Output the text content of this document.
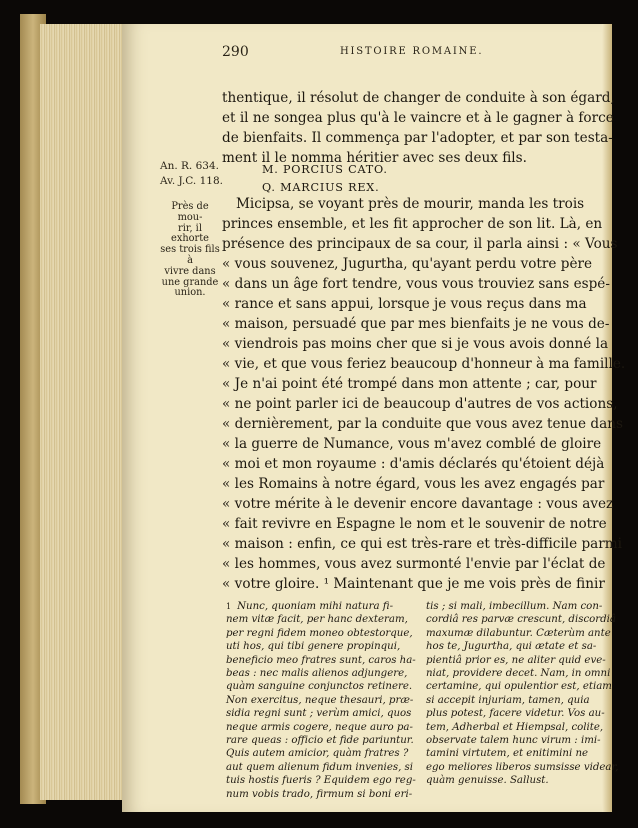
290	HISTOIRE ROMAINE.
thentique, il résolut de changer de conduite à son égard,
et il ne songea plus qu'à le vaincre et à le gagner à force
de bienfaits. Il commença par l'adopter, et par son testa-
ment il le nomma héritier avec ses deux fils.
An. R. 634.
Av. J.C. 118.
M. PORCIUS CATO.
Q. MARCIUS REX.
Près de mou-
rir, il exhorte
ses trois fils à
vivre dans
une grande
union.
Micipsa, se voyant près de mourir, manda les trois
princes ensemble, et les fit approcher de son lit. Là, en
présence des principaux de sa cour, il parla ainsi : « Vous
« vous souvenez, Jugurtha, qu'ayant perdu votre père
« dans un âge fort tendre, vous vous trouviez sans espé-
« rance et sans appui, lorsque je vous reçus dans ma
« maison, persuadé que par mes bienfaits je ne vous de-
« viendrois pas moins cher que si je vous avois donné la
« vie, et que vous feriez beaucoup d'honneur à ma famille.
« Je n'ai point été trompé dans mon attente ; car, pour
« ne point parler ici de beaucoup d'autres de vos actions,
« dernièrement, par la conduite que vous avez tenue dans
« la guerre de Numance, vous m'avez comblé de gloire
« moi et mon royaume : d'amis déclarés qu'étoient déjà
« les Romains à notre égard, vous les avez engagés par
« votre mérite à le devenir encore davantage : vous avez
« fait revivre en Espagne le nom et le souvenir de notre
« maison : enfin, ce qui est très-rare et très-difficile parmi
« les hommes, vous avez surmonté l'envie par l'éclat de
« votre gloire. ¹ Maintenant que je me vois près de finir
1 Nunc, quoniam mihi natura fi-
nem vitæ facit, per hanc dexteram,
per regni fidem moneo obtestorque,
uti hos, qui tibi genere propinqui,
beneficio meo fratres sunt, caros ha-
beas : nec malis alienos adjungere,
quàm sanguine conjunctos retinere.
Non exercitus, neque thesauri, præ-
sidia regni sunt ; verùm amici, quos
neque armis cogere, neque auro pa-
rare queas : officio et fide pariuntur.
Quis autem amicior, quàm fratres ?
aut quem alienum fidum invenies, si
tuis hostis fueris ? Equidem ego reg-
num vobis trado, firmum si boni eri-
tis ; si mali, imbecillum. Nam con-
cordiâ res parvæ crescunt, discordiâ
maxumæ dilabuntur. Cæterùm ante
hos te, Jugurtha, qui ætate et sa-
pientiâ prior es, ne aliter quid eve-
niat, providere decet. Nam, in omni
certamine, qui opulentior est, etiam
si accepit injuriam, tamen, quia
plus potest, facere videtur. Vos au-
tem, Adherbal et Hiempsal, colite,
observate talem hunc virum : imi-
tamini virtutem, et enitimini ne
ego meliores liberos sumsisse videar,
quàm genuisse. Sallust.
